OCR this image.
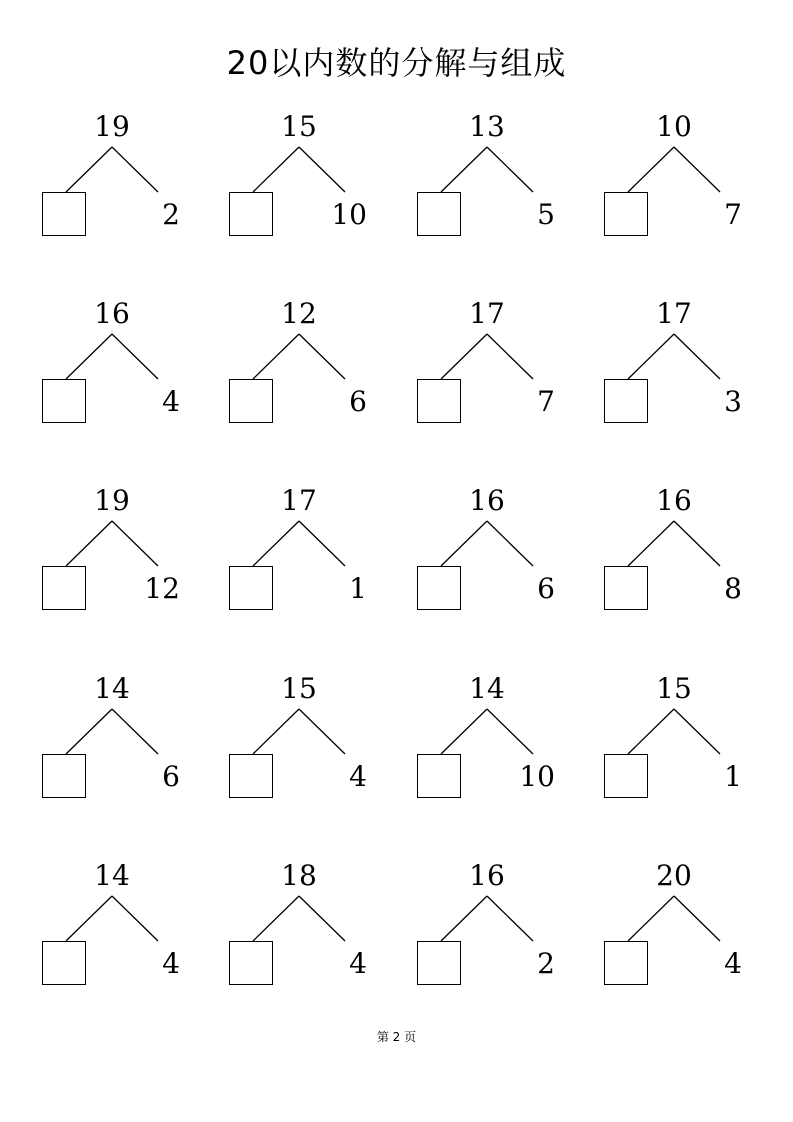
20以内数的分解与组成
19
2
15
10
13
5
10
7
16
4
12
6
17
7
17
3
19
12
17
1
16
6
16
8
14
6
15
4
14
10
15
1
14
4
18
4
16
2
20
4
第 2 页
